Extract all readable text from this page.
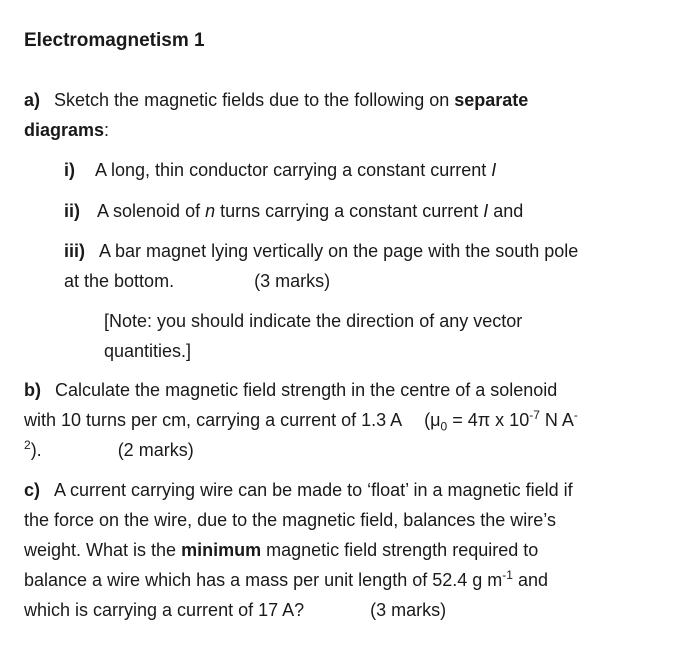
Electromagnetism 1
a) Sketch the magnetic fields due to the following on separate
diagrams:
i) A long, thin conductor carrying a constant current I
ii) A solenoid of n turns carrying a constant current I and
iii) A bar magnet lying vertically on the page with the south pole
at the bottom.	(3 marks)
[Note: you should indicate the direction of any vector
quantities.]
b) Calculate the magnetic field strength in the centre of a solenoid
with 10 turns per cm, carrying a current of 1.3 A ($\mu_0 = 4\pi$ x $10^{-7}$ N A-
$^2$).	(2 marks)
c) A current carrying wire can be made to ‘float’ in a magnetic field if
the force on the wire, due to the magnetic field, balances the wire’s
weight. What is the minimum magnetic field strength required to
balance a wire which has a mass per unit length of 52.4 g $m^{-1}$ and
which is carrying a current of 17 A?	(3 marks)
